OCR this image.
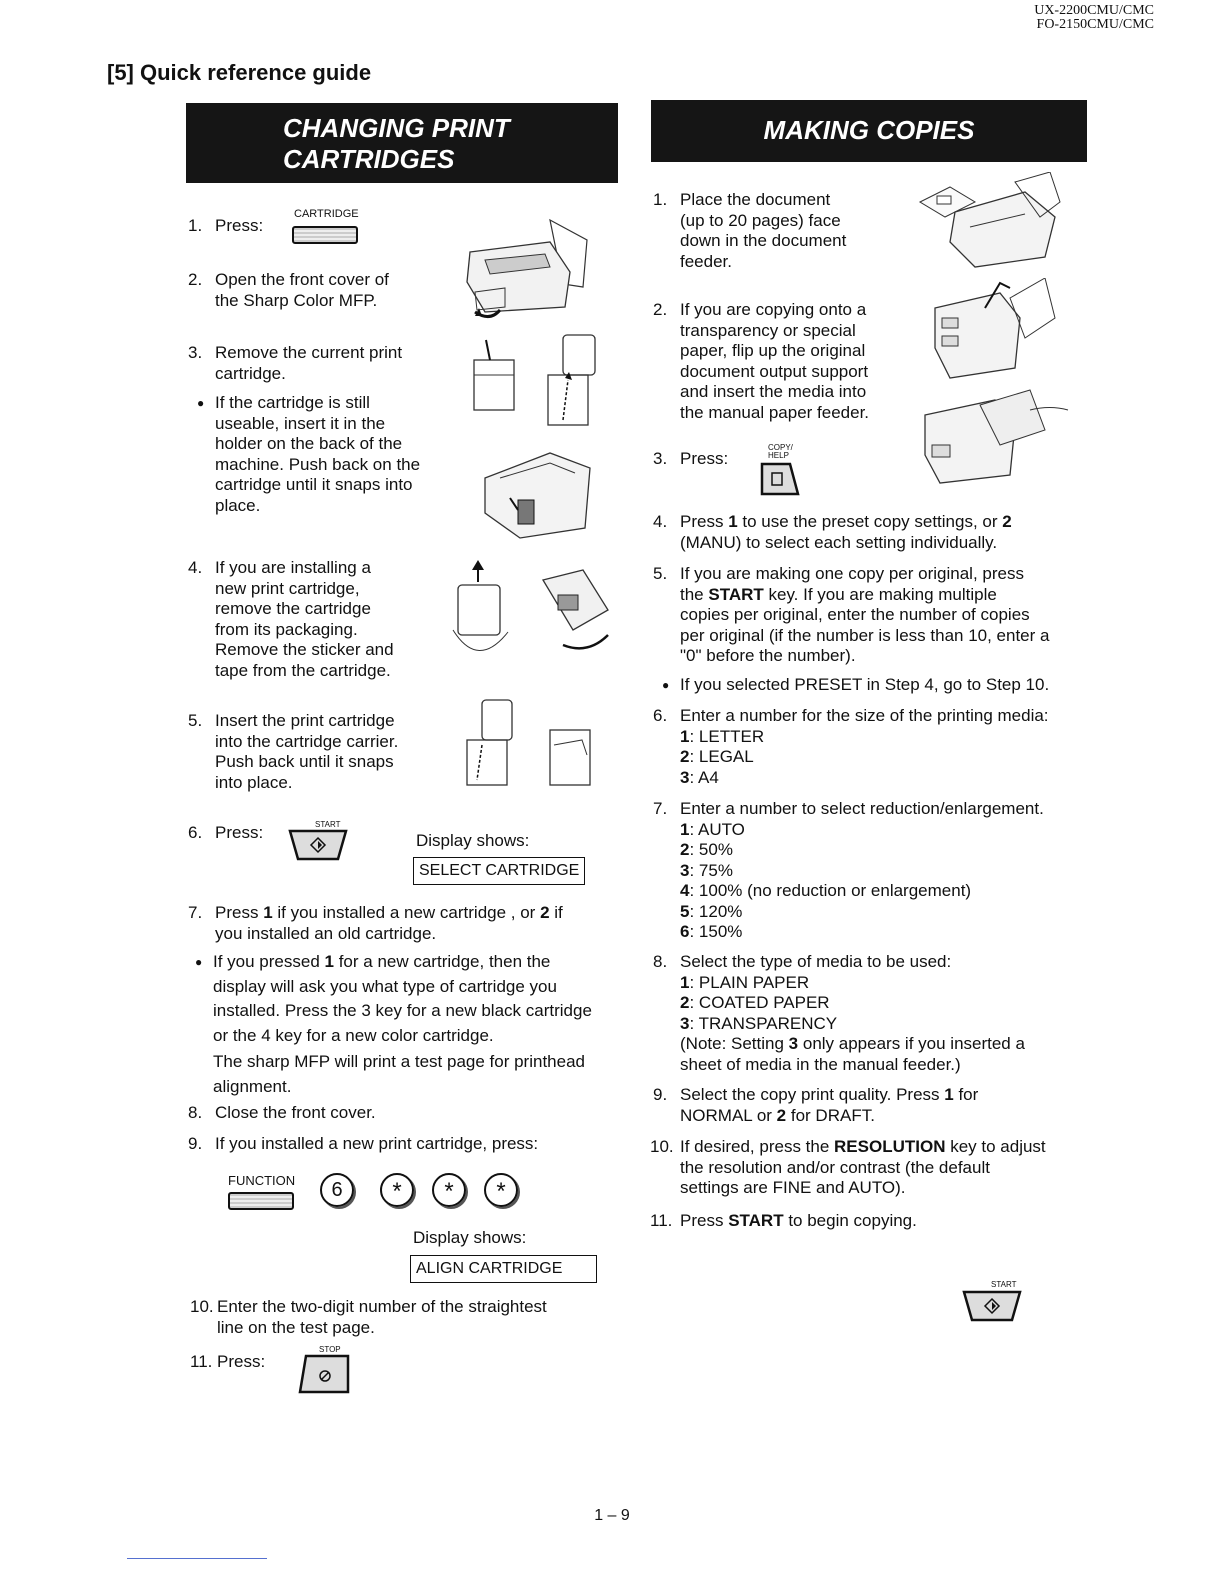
UX-2200CMU/CMC
FO-2150CMU/CMC
[5] Quick reference guide
CHANGING PRINT
CARTRIDGES
1. Press:
CARTRIDGE
2. Open the front cover of
the Sharp Color MFP.
3. Remove the current print
cartridge.
● If the cartridge is still
useable, insert it in the
holder on the back of the
machine. Push back on the
cartridge until it snaps into
place.
4. If you are installing a
new print cartridge,
remove the cartridge
from its packaging.
Remove the sticker and
tape from the cartridge.
5. Insert the print cartridge
into the cartridge carrier.
Push back until it snaps
into place.
6. Press:	START
Display shows:
SELECT CARTRIDGE
7. Press 1 if you installed a new cartridge , or 2 if
you installed an old cartridge.
● If you pressed 1 for a new cartridge, then the
display will ask you what type of cartridge you
installed. Press the 3 key for a new black cartridge
or the 4 key for a new color cartridge.
The sharp MFP will print a test page for printhead
alignment.
8. Close the front cover.
9. If you installed a new print cartridge, press:
FUNCTION	6	*	*	*
Display shows:
ALIGN CARTRIDGE
10. Enter the two-digit number of the straightest
line on the test page.
11. Press:
STOP
MAKING COPIES
1. Place the document
(up to 20 pages) face
down in the document
feeder.
2. If you are copying onto a
transparency or special
paper, flip up the original
document output support
and insert the media into
the manual paper feeder.
3. Press:
COPY/
HELP
4. Press 1 to use the preset copy settings, or 2
(MANU) to select each setting individually.
5. If you are making one copy per original, press
the START key. If you are making multiple
copies per original, enter the number of copies
per original (if the number is less than 10, enter a
"0" before the number).
● If you selected PRESET in Step 4, go to Step 10.
6. Enter a number for the size of the printing media:
1: LETTER
2: LEGAL
3: A4
7. Enter a number to select reduction/enlargement.
1: AUTO
2: 50%
3: 75%
4: 100% (no reduction or enlargement)
5: 120%
6: 150%
8. Select the type of media to be used:
1: PLAIN PAPER
2: COATED PAPER
3: TRANSPARENCY
(Note: Setting 3 only appears if you inserted a
sheet of media in the manual feeder.)
9. Select the copy print quality. Press 1 for
NORMAL or 2 for DRAFT.
10. If desired, press the RESOLUTION key to adjust
the resolution and/or contrast (the default
settings are FINE and AUTO).
11. Press START to begin copying.
START
1 – 9
